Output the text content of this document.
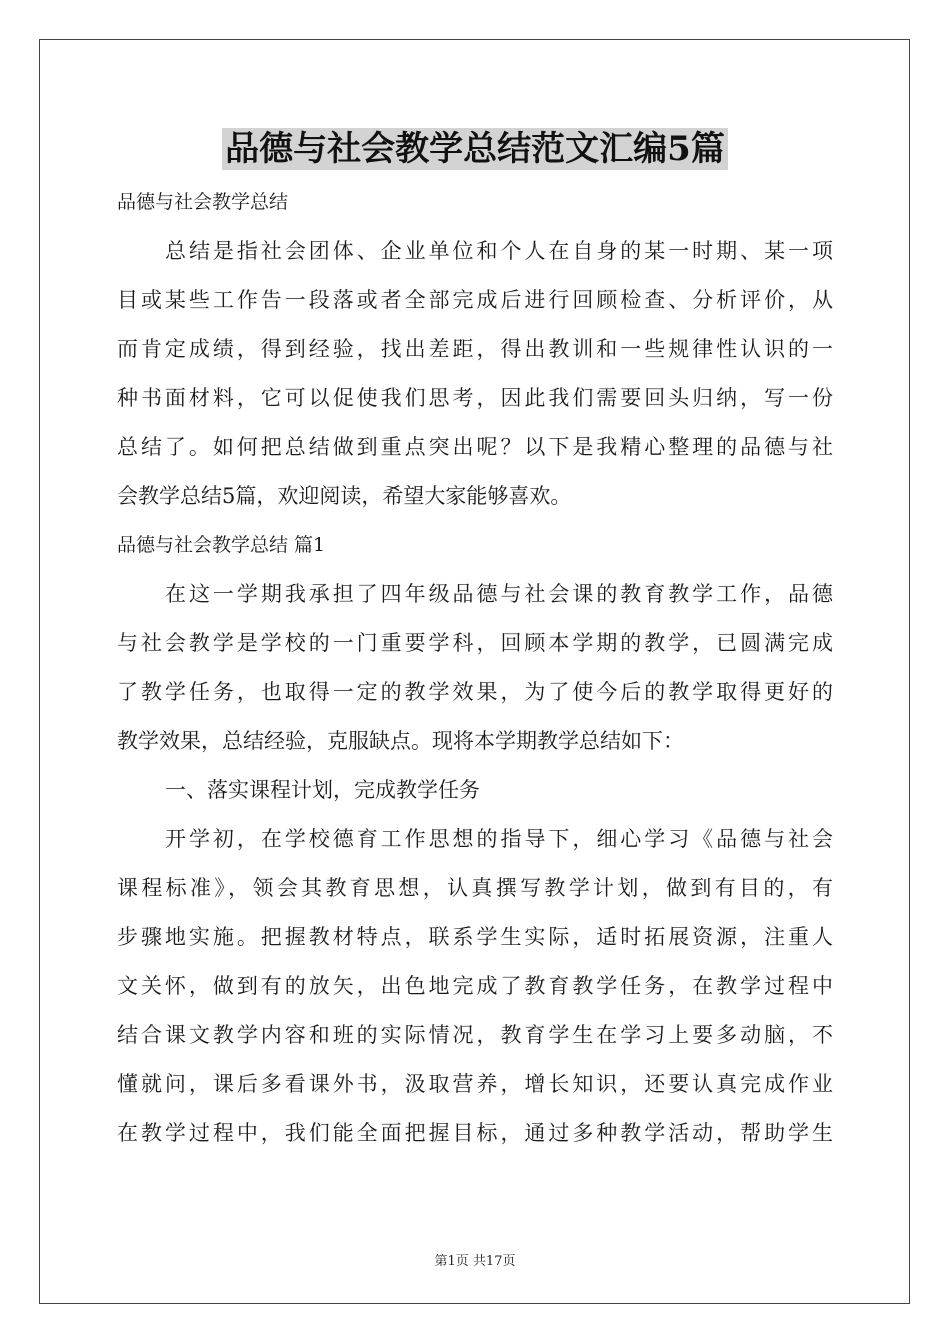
品德与社会教学总结范文汇编5篇
品德与社会教学总结
总结是指社会团体、企业单位和个人在自身的某一时期、某一项
目或某些工作告一段落或者全部完成后进行回顾检查、分析评价，从
而肯定成绩，得到经验，找出差距，得出教训和一些规律性认识的一
种书面材料，它可以促使我们思考，因此我们需要回头归纳，写一份
总结了。如何把总结做到重点突出呢？以下是我精心整理的品德与社
会教学总结5篇，欢迎阅读，希望大家能够喜欢。
品德与社会教学总结 篇1
在这一学期我承担了四年级品德与社会课的教育教学工作，品德
与社会教学是学校的一门重要学科，回顾本学期的教学，已圆满完成
了教学任务，也取得一定的教学效果，为了使今后的教学取得更好的
教学效果，总结经验，克服缺点。现将本学期教学总结如下：
一、落实课程计划，完成教学任务
开学初，在学校德育工作思想的指导下，细心学习《品德与社会
课程标准》，领会其教育思想，认真撰写教学计划，做到有目的，有
步骤地实施。把握教材特点，联系学生实际，适时拓展资源，注重人
文关怀，做到有的放矢，出色地完成了教育教学任务，在教学过程中
结合课文教学内容和班的实际情况，教育学生在学习上要多动脑，不
懂就问，课后多看课外书，汲取营养，增长知识，还要认真完成作业
在教学过程中，我们能全面把握目标，通过多种教学活动，帮助学生
第1页 共17页
